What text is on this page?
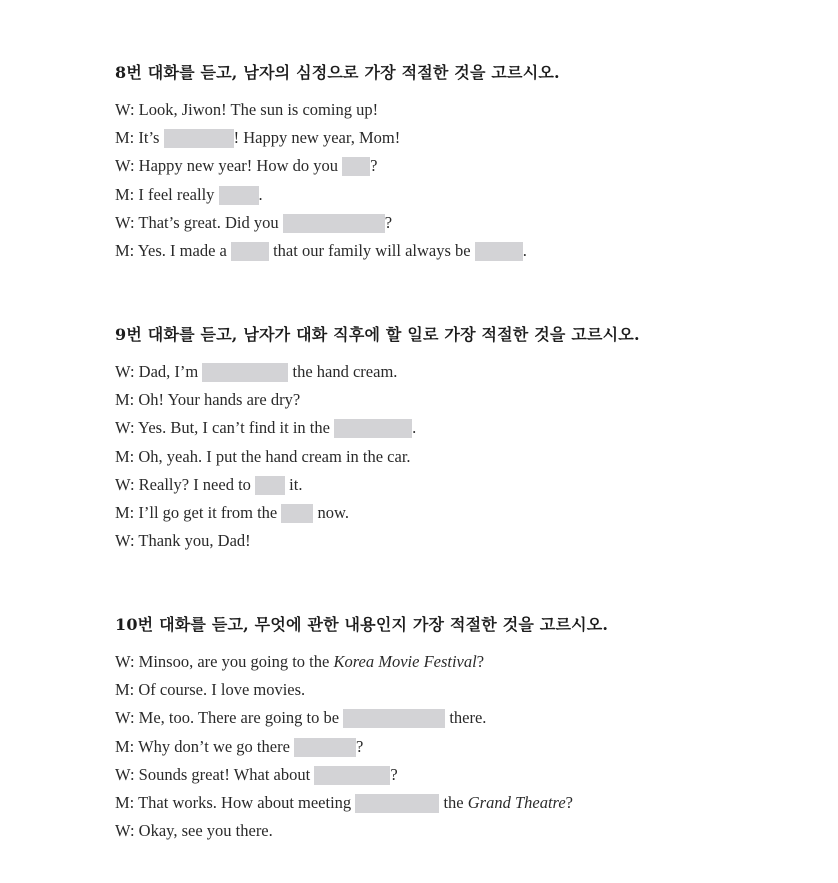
8번 대화를 듣고, 남자의 심정으로 가장 적절한 것을 고르시오.
W: Look, Jiwon! The sun is coming up!
M: It’s	! Happy new year, Mom!
W: Happy new year! How do you ?
M: I feel really .
W: That’s great. Did you	?
M: Yes. I made a that our family will always be	.
9번 대화를 듣고, 남자가 대화 직후에 할 일로 가장 적절한 것을 고르시오.
W: Dad, I’m	the hand cream.
M: Oh! Your hands are dry?
W: Yes. But, I can’t find it in the	.
M: Oh, yeah. I put the hand cream in the car.
W: Really? I need to it.
M: I’ll go get it from the now.
W: Thank you, Dad!
10번 대화를 듣고, 무엇에 관한 내용인지 가장 적절한 것을 고르시오.
W: Minsoo, are you going to the Korea Movie Festival ?
M: Of course. I love movies.
W: Me, too. There are going to be	there.
M: Why don’t we go there	?
W: Sounds great! What about	?
M: That works. How about meeting	the Grand Theatre ?
W: Okay, see you there.
